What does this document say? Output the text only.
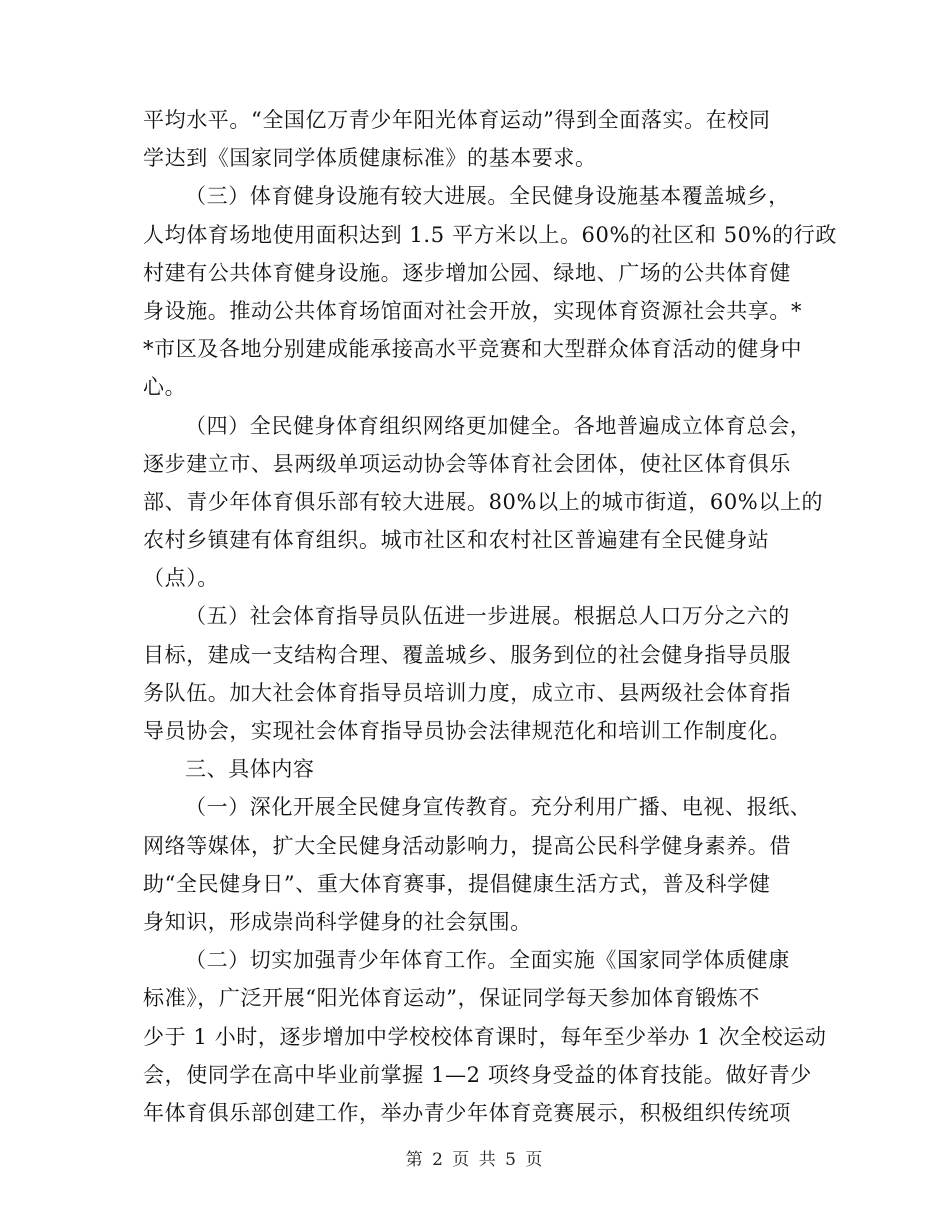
平均水平。“全国亿万青少年阳光体育运动”得到全面落实。在校同
学达到《国家同学体质健康标准》的基本要求。
（三）体育健身设施有较大进展。全民健身设施基本覆盖城乡，
人均体育场地使用面积达到 1.5 平方米以上。60%的社区和 50%的行政
村建有公共体育健身设施。逐步增加公园、绿地、广场的公共体育健
身设施。推动公共体育场馆面对社会开放，实现体育资源社会共享。*
*市区及各地分别建成能承接高水平竞赛和大型群众体育活动的健身中
心。
（四）全民健身体育组织网络更加健全。各地普遍成立体育总会，
逐步建立市、县两级单项运动协会等体育社会团体，使社区体育俱乐
部、青少年体育俱乐部有较大进展。80%以上的城市街道，60%以上的
农村乡镇建有体育组织。城市社区和农村社区普遍建有全民健身站
（点）。
（五）社会体育指导员队伍进一步进展。根据总人口万分之六的
目标，建成一支结构合理、覆盖城乡、服务到位的社会健身指导员服
务队伍。加大社会体育指导员培训力度，成立市、县两级社会体育指
导员协会，实现社会体育指导员协会法律规范化和培训工作制度化。
三、具体内容
（一）深化开展全民健身宣传教育。充分利用广播、电视、报纸、
网络等媒体，扩大全民健身活动影响力，提高公民科学健身素养。借
助“全民健身日”、重大体育赛事，提倡健康生活方式，普及科学健
身知识，形成崇尚科学健身的社会氛围。
（二）切实加强青少年体育工作。全面实施《国家同学体质健康
标准》，广泛开展“阳光体育运动”，保证同学每天参加体育锻炼不
少于 1 小时，逐步增加中学校校体育课时，每年至少举办 1 次全校运动
会，使同学在高中毕业前掌握 1—2 项终身受益的体育技能。做好青少
年体育俱乐部创建工作，举办青少年体育竞赛展示，积极组织传统项
第 2 页 共 5 页
